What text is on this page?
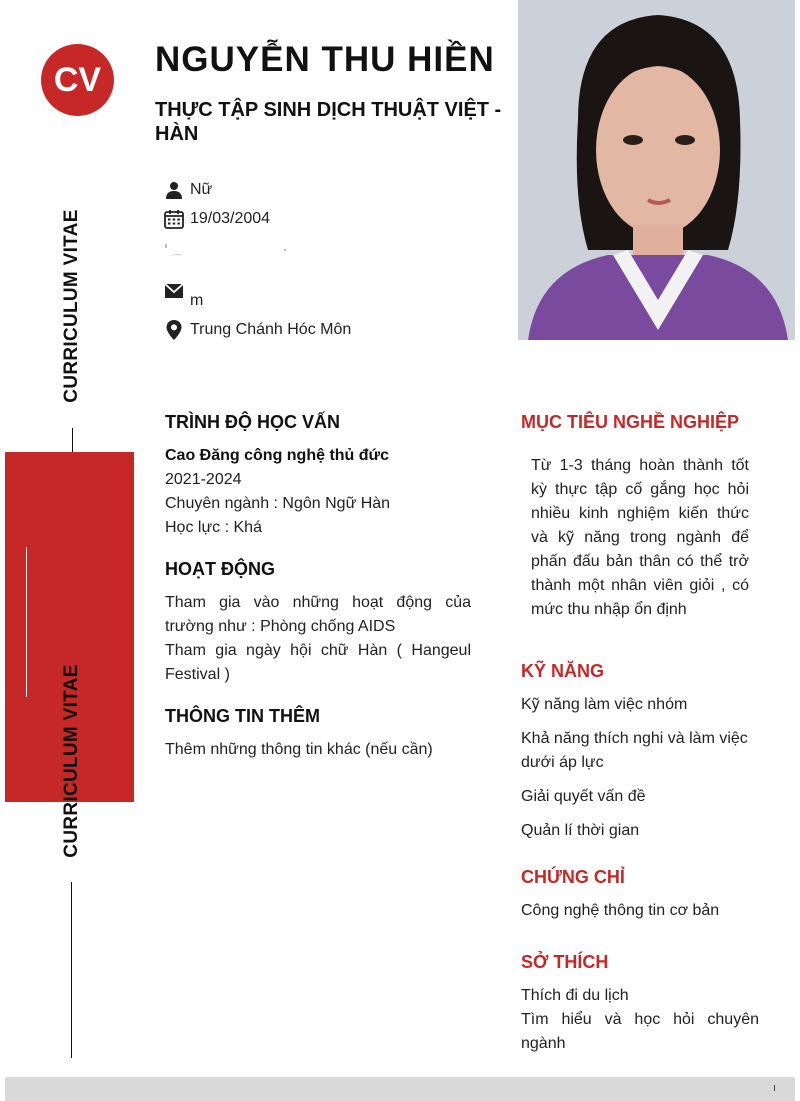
CV
CURRICULUM VITAE
CURRICULUM VITAE
NGUYỄN THU HIỀN
THỰC TẬP SINH DỊCH THUẬT VIỆT - HÀN
Nữ
19/03/2004
m
Trung Chánh Hóc Môn
TRÌNH ĐỘ HỌC VẤN
Cao Đăng công nghệ thủ đức
2021-2024
Chuyên ngành : Ngôn Ngữ Hàn
Học lực : Khá
HOẠT ĐỘNG
Tham gia vào những hoạt động của trường như : Phòng chống AIDS
Tham gia ngày hội chữ Hàn ( Hangeul Festival )
THÔNG TIN THÊM
Thêm những thông tin khác (nếu cần)
MỤC TIÊU NGHỀ NGHIỆP
Từ 1-3 tháng hoàn thành tốt kỳ thực tập cố gắng học hỏi nhiều kinh nghiệm kiến thức và kỹ năng trong ngành để phấn đấu bản thân có thể trở thành một nhân viên giỏi , có mức thu nhập ổn định
KỸ NĂNG
Kỹ năng làm việc nhóm
Khả năng thích nghi và làm việc dưới áp lực
Giải quyết vấn đề
Quản lí thời gian
CHỨNG CHỈ
Công nghệ thông tin cơ bản
SỞ THÍCH
Thích đi du lịch
Tìm hiểu và học hỏi chuyên ngành
